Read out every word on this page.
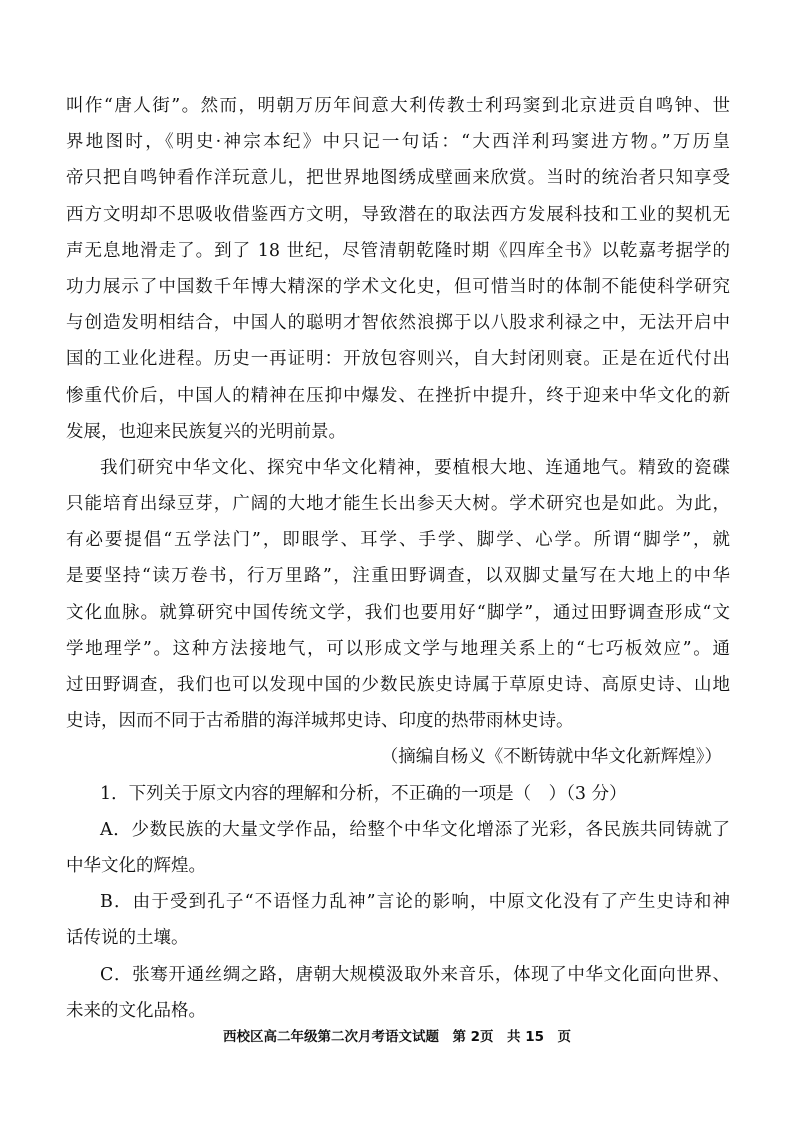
叫作“唐人街”。然而，明朝万历年间意大利传教士利玛窦到北京进贡自鸣钟、世
界地图时，《明史·神宗本纪》中只记一句话：“大西洋利玛窦进方物。”万历皇
帝只把自鸣钟看作洋玩意儿，把世界地图绣成壁画来欣赏。当时的统治者只知享受
西方文明却不思吸收借鉴西方文明，导致潜在的取法西方发展科技和工业的契机无
声无息地滑走了。到了 18 世纪，尽管清朝乾隆时期《四库全书》以乾嘉考据学的
功力展示了中国数千年博大精深的学术文化史，但可惜当时的体制不能使科学研究
与创造发明相结合，中国人的聪明才智依然浪掷于以八股求利禄之中，无法开启中
国的工业化进程。历史一再证明：开放包容则兴，自大封闭则衰。正是在近代付出
惨重代价后，中国人的精神在压抑中爆发、在挫折中提升，终于迎来中华文化的新
发展，也迎来民族复兴的光明前景。
我们研究中华文化、探究中华文化精神，要植根大地、连通地气。精致的瓷碟
只能培育出绿豆芽，广阔的大地才能生长出参天大树。学术研究也是如此。为此，
有必要提倡“五学法门”，即眼学、耳学、手学、脚学、心学。所谓“脚学”，就
是要坚持“读万卷书，行万里路”，注重田野调查，以双脚丈量写在大地上的中华
文化血脉。就算研究中国传统文学，我们也要用好“脚学”，通过田野调查形成“文
学地理学”。这种方法接地气，可以形成文学与地理关系上的“七巧板效应”。通
过田野调查，我们也可以发现中国的少数民族史诗属于草原史诗、高原史诗、山地
史诗，因而不同于古希腊的海洋城邦史诗、印度的热带雨林史诗。
（摘编自杨义《不断铸就中华文化新辉煌》）
1．下列关于原文内容的理解和分析，不正确的一项是（　）（3 分）
A．少数民族的大量文学作品，给整个中华文化增添了光彩，各民族共同铸就了
中华文化的辉煌。
B．由于受到孔子“不语怪力乱神”言论的影响，中原文化没有了产生史诗和神
话传说的土壤。
C．张骞开通丝绸之路，唐朝大规模汲取外来音乐，体现了中华文化面向世界、
未来的文化品格。
西校区高二年级第二次月考语文试题　第 2页　共 15　页
